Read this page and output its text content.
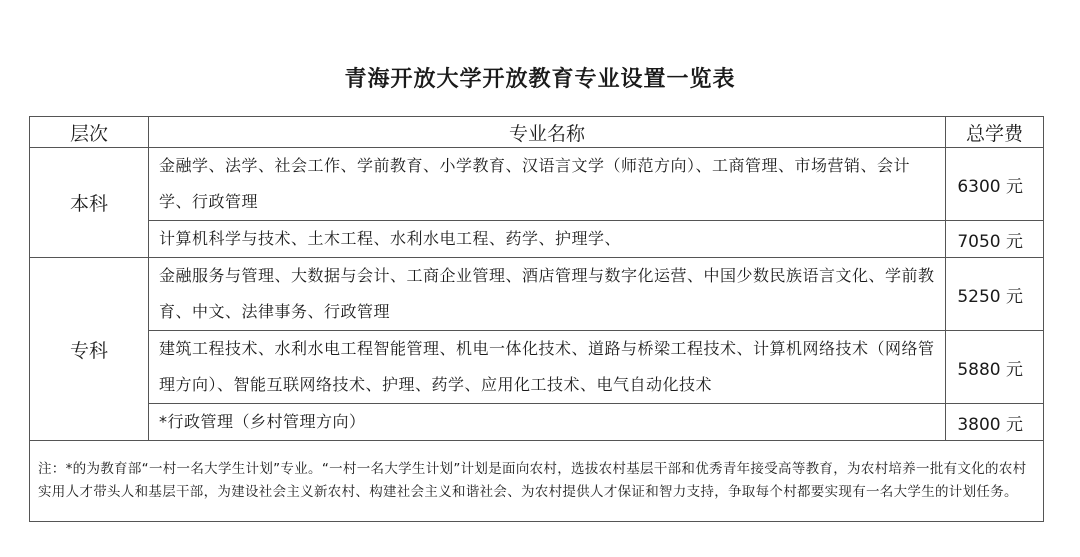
青海开放大学开放教育专业设置一览表
层次	专业名称	总学费
本科	金融学、法学、社会工作、学前教育、小学教育、汉语言文学（师范方向）、工商管理、市场营销、会计学、行政管理	6300 元
	计算机科学与技术、土木工程、水利水电工程、药学、护理学、	7050 元
专科	金融服务与管理、大数据与会计、工商企业管理、酒店管理与数字化运营、中国少数民族语言文化、学前教育、中文、法律事务、行政管理	5250 元
	建筑工程技术、水利水电工程智能管理、机电一体化技术、道路与桥梁工程技术、计算机网络技术（网络管理方向）、智能互联网络技术、护理、药学、应用化工技术、电气自动化技术	5880 元
	*行政管理（乡村管理方向）	3800 元
注：*的为教育部“一村一名大学生计划”专业。“一村一名大学生计划”计划是面向农村，选拔农村基层干部和优秀青年接受高等教育，为农村培养一批有文化的农村实用人才带头人和基层干部，为建设社会主义新农村、构建社会主义和谐社会、为农村提供人才保证和智力支持，争取每个村都要实现有一名大学生的计划任务。		
